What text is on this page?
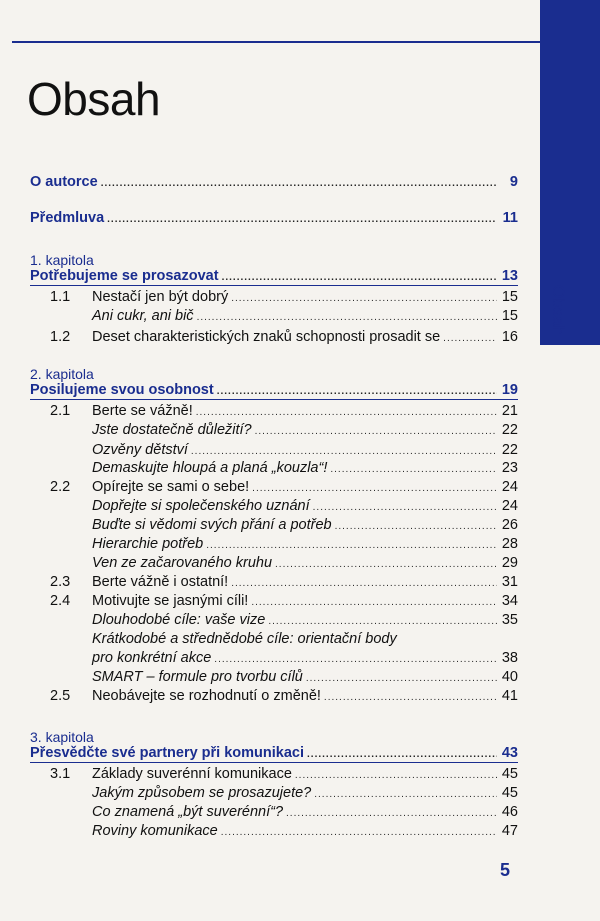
Obsah
Obsah
O autorce .....	9
Předmluva .....	11
1. kapitola
Potřebujeme se prosazovat .....	13
1.1	Nestačí jen být dobrý .....	15
Ani cukr, ani bič .....	15
1.2	Deset charakteristických znaků schopnosti prosadit se .....	16
2. kapitola
Posilujeme svou osobnost .....	19
2.1	Berte se vážně! .....	21
Jste dostatečně důležití? .....	22
Ozvěny dětství .....	22
Demaskujte hloupá a planá „kouzla“! .....	23
2.2	Opírejte se sami o sebe! .....	24
Dopřejte si společenského uznání .....	24
Buďte si vědomi svých přání a potřeb .....	26
Hierarchie potřeb .....	28
Ven ze začarovaného kruhu .....	29
2.3	Berte vážně i ostatní! .....	31
2.4	Motivujte se jasnými cíli! .....	34
Dlouhodobé cíle: vaše vize .....	35
Krátkodobé a střednědobé cíle: orientační body
pro konkrétní akce .....	38
SMART – formule pro tvorbu cílů .....	40
2.5	Neobávejte se rozhodnutí o změně! .....	41
3. kapitola
Přesvědčte své partnery při komunikaci .....	43
3.1	Základy suverénní komunikace .....	45
Jakým způsobem se prosazujete? .....	45
Co znamená „být suverénní“? .....	46
Roviny komunikace .....	47
5
